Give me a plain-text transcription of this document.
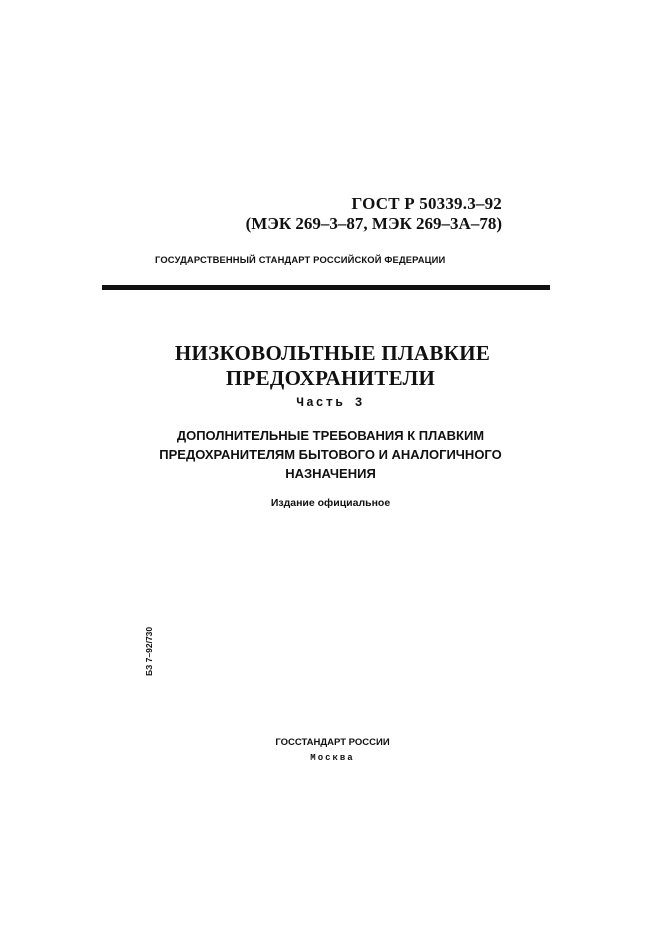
ГОСТ Р 50339.3–92
(МЭК 269–3–87, МЭК 269–3А–78)
ГОСУДАРСТВЕННЫЙ СТАНДАРТ РОССИЙСКОЙ ФЕДЕРАЦИИ
НИЗКОВОЛЬТНЫЕ ПЛАВКИЕ
ПРЕДОХРАНИТЕЛИ
Часть 3
ДОПОЛНИТЕЛЬНЫЕ ТРЕБОВАНИЯ К ПЛАВКИМ
ПРЕДОХРАНИТЕЛЯМ БЫТОВОГО И АНАЛОГИЧНОГО
НАЗНАЧЕНИЯ
Издание официальное
БЗ 7–92/730
ГОССТАНДАРТ РОССИИ
Москва
